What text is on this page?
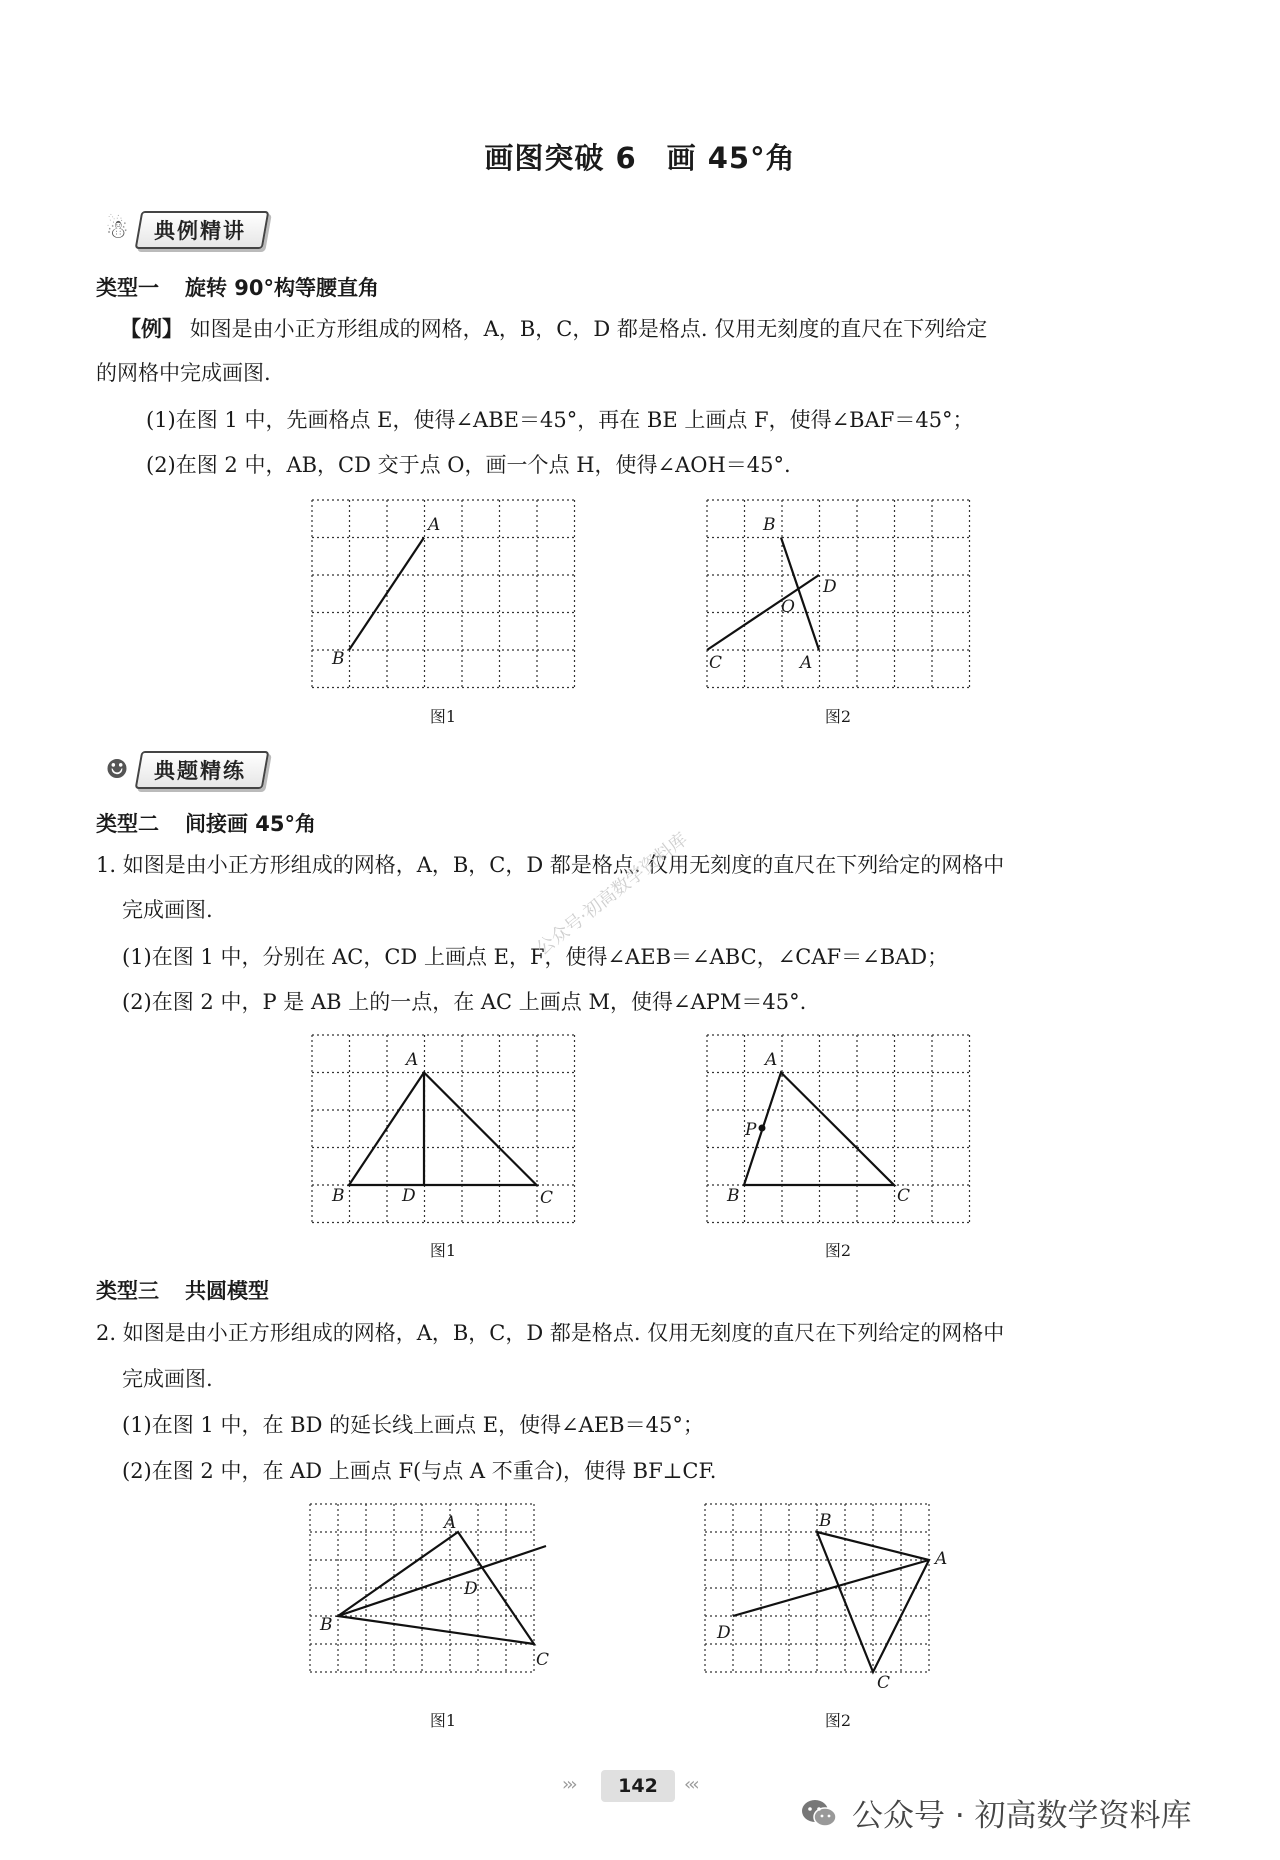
画图突破 6　画 45°角
☃	典例精讲
类型一 旋转 90°构等腰直角
【例】 如图是由小正方形组成的网格，A，B，C，D 都是格点. 仅用无刻度的直尺在下列给定
的网格中完成画图.
(1)在图 1 中，先画格点 E，使得∠ABE＝45°，再在 BE 上画点 F，使得∠BAF＝45°；
(2)在图 2 中，AB，CD 交于点 O，画一个点 H，使得∠AOH＝45°.
A
B
图1
B
D
O
C	A
图2
☻	典题精练
类型二 间接画 45°角
1. 如图是由小正方形组成的网格，A，B，C，D 都是格点. 仅用无刻度的直尺在下列给定的网格中
完成画图.
(1)在图 1 中，分别在 AC，CD 上画点 E，F，使得∠AEB＝∠ABC，∠CAF＝∠BAD；
(2)在图 2 中，P 是 AB 上的一点，在 AC 上画点 M，使得∠APM＝45°.
公众号·初高数学资料库
A
B	D	C
图1
A
P
B	C
图2
类型三 共圆模型
2. 如图是由小正方形组成的网格，A，B，C，D 都是格点. 仅用无刻度的直尺在下列给定的网格中
完成画图.
(1)在图 1 中，在 BD 的延长线上画点 E，使得∠AEB＝45°；
(2)在图 2 中，在 AD 上画点 F(与点 A 不重合)，使得 BF⊥CF.
A
D
B
C
图1
B
A
D
C
图2
›››	142	‹‹‹
公众号 · 初高数学资料库
